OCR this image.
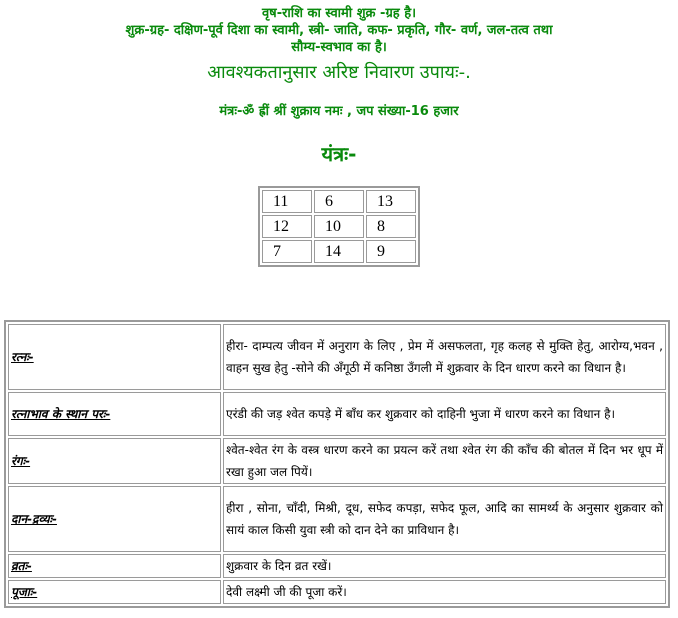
वृष-राशि का स्वामी शुक्र -ग्रह है।

शुक्र-ग्रह- दक्षिण-पूर्व दिशा का स्वामी, स्त्री- जाति, कफ- प्रकृति, गौर- वर्ण, जल-तत्व तथा

सौम्य-स्वभाव का है।

आवश्यकतानुसार अरिष्ट निवारण उपायः-.

मंत्रः-ॐ ह्रीं श्रीं शुक्राय नमः , जप संख्या-16 हजार

यंत्रः-

11	6	13
12	10	8
7	14	9
रत्नः-	हीरा- दाम्पत्य जीवन में अनुराग के लिए , प्रेम में असफलता, गृह कलह से मुक्ति हेतु, आरोग्य,भवन , वाहन सुख हेतु -सोने की अँगूठी में कनिष्ठा उँगली में शुक्रवार के दिन धारण करने का विधान है।
रत्नाभाव के स्थान परः-	एरंडी की जड़ श्वेत कपड़े में बाँध कर शुक्रवार को दाहिनी भुजा में धारण करने का विधान है।
रंगः-	श्वेत-श्वेत रंग के वस्त्र धारण करने का प्रयत्न करें तथा श्वेत रंग की काँच की बोतल में दिन भर धूप में रखा हुआ जल पियें।
दान-द्रव्यः-	हीरा , सोना, चाँदी, मिश्री, दूध, सफेद कपड़ा, सफेद फूल, आदि का सामर्थ्य के अनुसार शुक्रवार को सायं काल किसी युवा स्त्री को दान देने का प्राविधान है।
व्रतः-	शुक्रवार के दिन व्रत रखें।
पूजाः-	देवी लक्ष्मी जी की पूजा करें।
